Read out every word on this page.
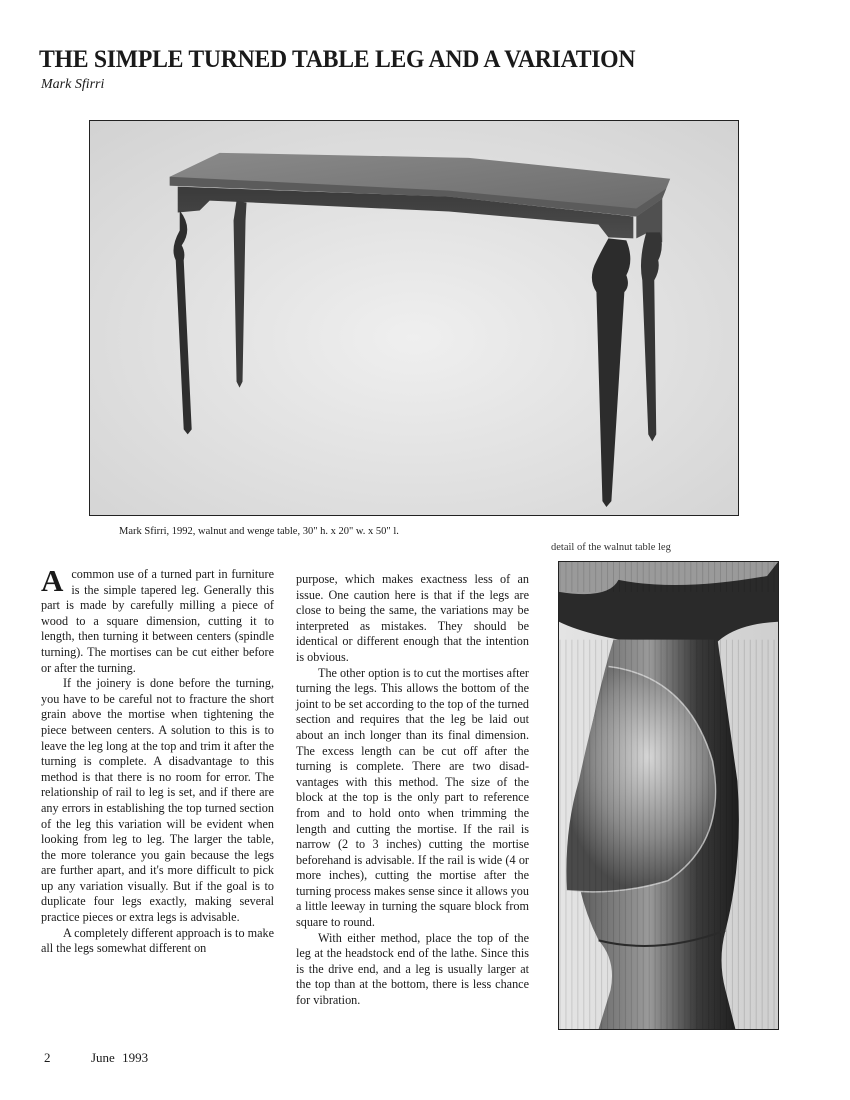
THE SIMPLE TURNED TABLE LEG AND A VARIATION
Mark Sfirri
Mark Sfirri, 1992, walnut and wenge table, 30" h. x 20" w. x 50" l.
detail of the walnut table leg

A common use of a turned part in furniture is the simple tapered leg. Generally this part is made by carefully milling a piece of wood to a square dimension, cutting it to length, then turning it between centers (spindle turning). The mortises can be cut either before or after the turning.

If the joinery is done before the turning, you have to be careful not to fracture the short grain above the mortise when tightening the piece between centers. A solution to this is to leave the leg long at the top and trim it after the turning is complete. A disadvantage to this method is that there is no room for error. The relationship of rail to leg is set, and if there are any errors in establishing the top turned section of the leg this variation will be evident when looking from leg to leg. The larger the table, the more tolerance you gain because the legs are further apart, and it's more difficult to pick up any variation visually. But if the goal is to duplicate four legs exactly, making several practice pieces or extra legs is advisable.

A completely different approach is to make all the legs somewhat different on

purpose, which makes exactness less of an issue. One caution here is that if the legs are close to being the same, the variations may be interpreted as mistakes. They should be identical or different enough that the intention is obvious.

The other option is to cut the mortises after turning the legs. This allows the bottom of the joint to be set according to the top of the turned section and requires that the leg be laid out about an inch longer than its final dimension. The excess length can be cut off after the turning is complete. There are two disadvantages with this method. The size of the block at the top is the only part to reference from and to hold onto when trimming the length and cutting the mortise. If the rail is narrow (2 to 3 inches) cutting the mortise beforehand is advisable. If the rail is wide (4 or more inches), cutting the mortise after the turning process makes sense since it allows you a little leeway in turning the square block from square to round.

With either method, place the top of the leg at the headstock end of the lathe. Since this is the drive end, and a leg is usually larger at the top than at the bottom, there is less chance for vibration.

2	June 1993
